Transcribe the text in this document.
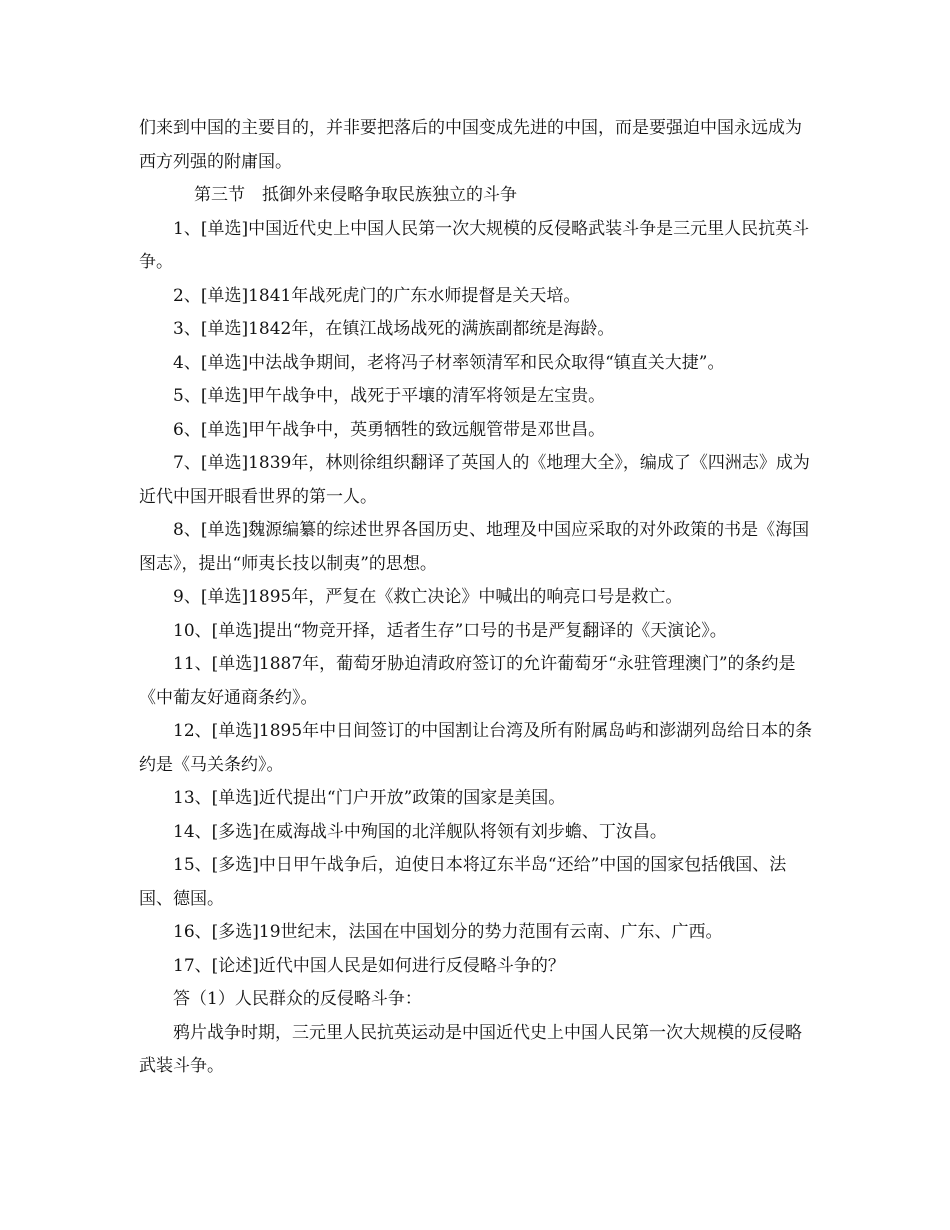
们来到中国的主要目的，并非要把落后的中国变成先进的中国，而是要强迫中国永远成为西方列强的附庸国。

第三节　抵御外来侵略争取民族独立的斗争

1、[单选]中国近代史上中国人民第一次大规模的反侵略武装斗争是三元里人民抗英斗争。

2、[单选]1841年战死虎门的广东水师提督是关天培。

3、[单选]1842年，在镇江战场战死的满族副都统是海龄。

4、[单选]中法战争期间，老将冯子材率领清军和民众取得“镇直关大捷”。

5、[单选]甲午战争中，战死于平壤的清军将领是左宝贵。

6、[单选]甲午战争中，英勇牺牲的致远舰管带是邓世昌。

7、[单选]1839年，林则徐组织翻译了英国人的《地理大全》，编成了《四洲志》成为近代中国开眼看世界的第一人。

8、[单选]魏源编纂的综述世界各国历史、地理及中国应采取的对外政策的书是《海国图志》，提出“师夷长技以制夷”的思想。

9、[单选]1895年，严复在《救亡决论》中喊出的响亮口号是救亡。

10、[单选]提出“物竞开择，适者生存”口号的书是严复翻译的《天演论》。

11、[单选]1887年，葡萄牙胁迫清政府签订的允许葡萄牙“永驻管理澳门”的条约是《中葡友好通商条约》。

12、[单选]1895年中日间签订的中国割让台湾及所有附属岛屿和澎湖列岛给日本的条约是《马关条约》。

13、[单选]近代提出“门户开放”政策的国家是美国。

14、[多选]在威海战斗中殉国的北洋舰队将领有刘步蟾、丁汝昌。

15、[多选]中日甲午战争后，迫使日本将辽东半岛“还给”中国的国家包括俄国、法国、德国。

16、[多选]19世纪末，法国在中国划分的势力范围有云南、广东、广西。

17、[论述]近代中国人民是如何进行反侵略斗争的？

答（1）人民群众的反侵略斗争：

鸦片战争时期，三元里人民抗英运动是中国近代史上中国人民第一次大规模的反侵略武装斗争。
